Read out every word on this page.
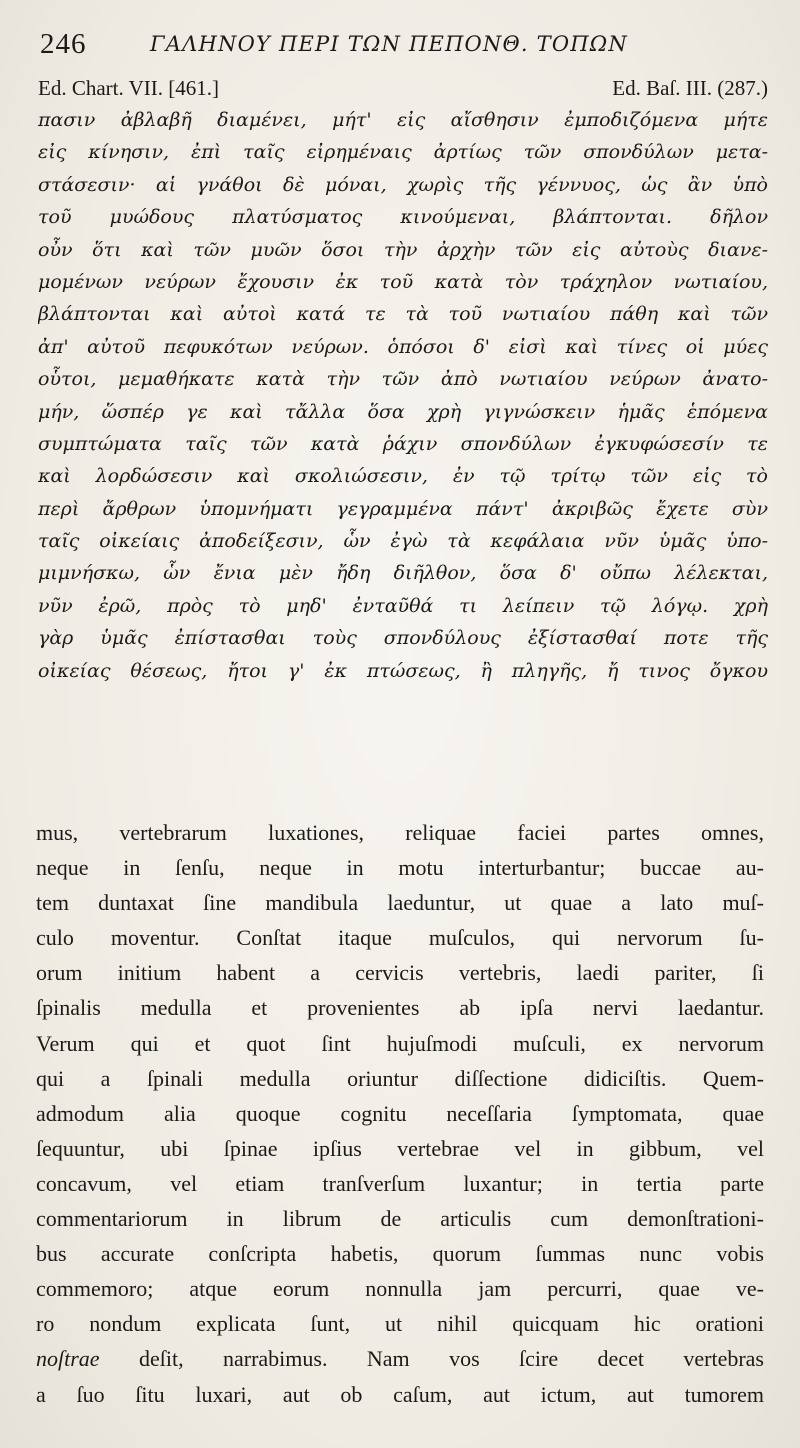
246	ΓΑΛΗΝΟΥ ΠΕΡΙ ΤΩΝ ΠΕΠΟΝΘ. ΤΟΠΩΝ
Ed. Chart. VII. [461.]	Ed. Baſ. III. (287.)
πασιν ἀβλαβῆ διαμένει, μήτ' εἰς αἴσθησιν ἐμποδιζόμενα μήτε
εἰς κίνησιν, ἐπὶ ταῖς εἰρημέναις ἀρτίως τῶν σπονδύλων μετα-
στάσεσιν· αἱ γνάθοι δὲ μόναι, χωρὶς τῆς γέννυος, ὡς ἂν ὑπὸ
τοῦ μυώδους πλατύσματος κινούμεναι, βλάπτονται. δῆλον
οὖν ὅτι καὶ τῶν μυῶν ὅσοι τὴν ἀρχὴν τῶν εἰς αὐτοὺς διανε-
μομένων νεύρων ἔχουσιν ἐκ τοῦ κατὰ τὸν τράχηλον νωτιαίου,
βλάπτονται καὶ αὐτοὶ κατά τε τὰ τοῦ νωτιαίου πάθη καὶ τῶν
ἀπ' αὐτοῦ πεφυκότων νεύρων. ὁπόσοι δ' εἰσὶ καὶ τίνες οἱ μύες
οὗτοι, μεμαθήκατε κατὰ τὴν τῶν ἀπὸ νωτιαίου νεύρων ἀνατο-
μήν, ὥσπέρ γε καὶ τἄλλα ὅσα χρὴ γιγνώσκειν ἡμᾶς ἑπόμενα
συμπτώματα ταῖς τῶν κατὰ ῥάχιν σπονδύλων ἐγκυφώσεσίν τε
καὶ λορδώσεσιν καὶ σκολιώσεσιν, ἐν τῷ τρίτῳ τῶν εἰς τὸ
περὶ ἄρθρων ὑπομνήματι γεγραμμένα πάντ' ἀκριβῶς ἔχετε σὺν
ταῖς οἰκείαις ἀποδείξεσιν, ὧν ἐγὼ τὰ κεφάλαια νῦν ὑμᾶς ὑπο-
μιμνήσκω, ὧν ἔνια μὲν ἤδη διῆλθον, ὅσα δ' οὔπω λέλεκται,
νῦν ἐρῶ, πρὸς τὸ μηδ' ἐνταῦθά τι λείπειν τῷ λόγῳ. χρὴ
γὰρ ὑμᾶς ἐπίστασθαι τοὺς σπονδύλους ἐξίστασθαί ποτε τῆς
οἰκείας θέσεως, ἤτοι γ' ἐκ πτώσεως, ἢ πληγῆς, ἤ τινος ὄγκου
mus, vertebrarum luxationes, reliquae faciei partes omnes,
neque in ſenſu, neque in motu interturbantur; buccae au-
tem duntaxat ſine mandibula laeduntur, ut quae a lato muſ-
culo moventur. Conſtat itaque muſculos, qui nervorum ſu-
orum initium habent a cervicis vertebris, laedi pariter, ſi
ſpinalis medulla et provenientes ab ipſa nervi laedantur.
Verum qui et quot ſint hujuſmodi muſculi, ex nervorum
qui a ſpinali medulla oriuntur diſſectione didiciſtis. Quem-
admodum alia quoque cognitu neceſſaria ſymptomata, quae
ſequuntur, ubi ſpinae ipſius vertebrae vel in gibbum, vel
concavum, vel etiam tranſverſum luxantur; in tertia parte
commentariorum in librum de articulis cum demonſtrationi-
bus accurate conſcripta habetis, quorum ſummas nunc vobis
commemoro; atque eorum nonnulla jam percurri, quae ve-
ro nondum explicata ſunt, ut nihil quicquam hic orationi
noſtrae deſit, narrabimus. Nam vos ſcire decet vertebras
a ſuo ſitu luxari, aut ob caſum, aut ictum, aut tumorem
